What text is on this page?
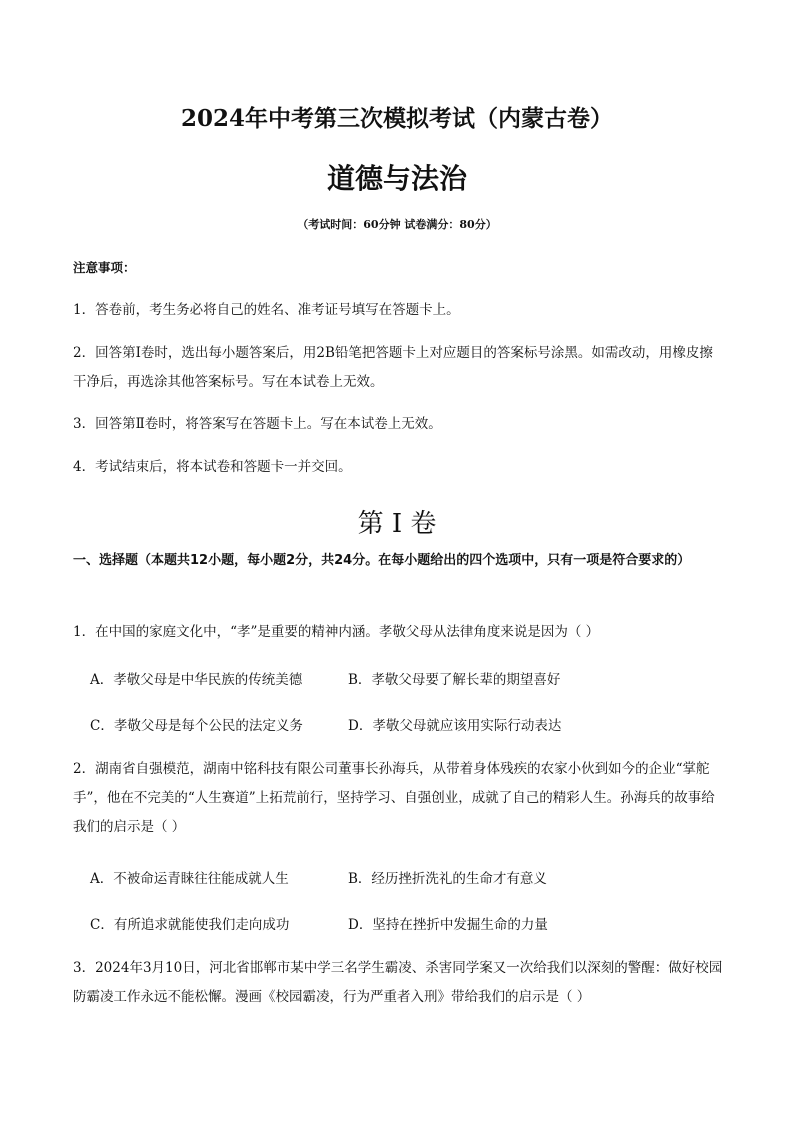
2024年中考第三次模拟考试（内蒙古卷）
道德与法治
（考试时间：60分钟 试卷满分：80分）
注意事项：
1．答卷前，考生务必将自己的姓名、准考证号填写在答题卡上。
2．回答第Ⅰ卷时，选出每小题答案后，用2B铅笔把答题卡上对应题目的答案标号涂黑。如需改动，用橡皮擦干净后，再选涂其他答案标号。写在本试卷上无效。
3．回答第Ⅱ卷时，将答案写在答题卡上。写在本试卷上无效。
4．考试结束后，将本试卷和答题卡一并交回。
第 I 卷
一、选择题（本题共12小题，每小题2分，共24分。在每小题给出的四个选项中，只有一项是符合要求的）
1．在中国的家庭文化中，“孝”是重要的精神内涵。孝敬父母从法律角度来说是因为（ ）
A．孝敬父母是中华民族的传统美德	B．孝敬父母要了解长辈的期望喜好
C．孝敬父母是每个公民的法定义务	D．孝敬父母就应该用实际行动表达
2．湖南省自强模范，湖南中铭科技有限公司董事长孙海兵，从带着身体残疾的农家小伙到如今的企业“掌舵手”，他在不完美的“人生赛道”上拓荒前行，坚持学习、自强创业，成就了自己的精彩人生。孙海兵的故事给我们的启示是（ ）
A．不被命运青睐往往能成就人生	B．经历挫折洗礼的生命才有意义
C．有所追求就能使我们走向成功	D．坚持在挫折中发掘生命的力量
3．2024年3月10日，河北省邯郸市某中学三名学生霸凌、杀害同学案又一次给我们以深刻的警醒：做好校园防霸凌工作永远不能松懈。漫画《校园霸凌，行为严重者入刑》带给我们的启示是（ ）
